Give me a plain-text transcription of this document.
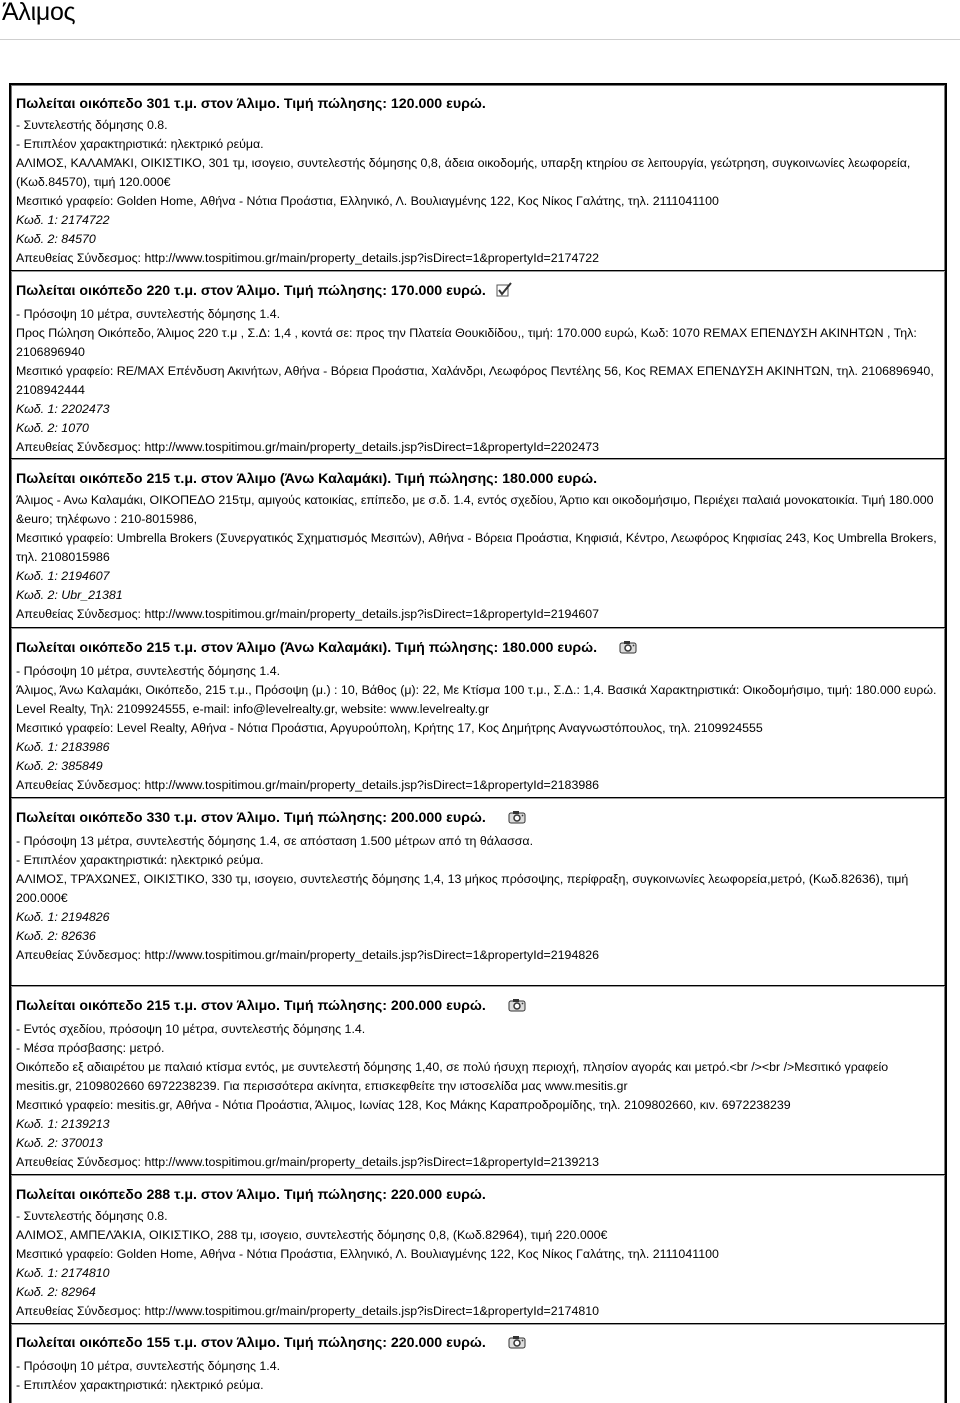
Άλιμος
Πωλείται οικόπεδο 301 τ.μ. στον Άλιμο. Τιμή πώλησης: 120.000 ευρώ.
- Συντελεστής δόμησης 0.8.
- Επιπλέον χαρακτηριστικά: ηλεκτρικό ρεύμα.
ΑΛΙΜΟΣ, ΚΑΛΑΜΆΚΙ, ΟΙΚΙΣΤΙΚΟ, 301 τμ, ισογειο, συντελεστής δόμησης 0,8, άδεια οικοδομής, υπαρξη κτηρίου σε λειτουργία, γεώτρηση, συγκοινωνίες λεωφορεία, (Κωδ.84570), τιμή 120.000€
Μεσιτικό γραφείο: Golden Home, Αθήνα - Νότια Προάστια, Ελληνικό, Λ. Βουλιαγμένης 122, Κος Νίκος Γαλάτης, τηλ. 2111041100
Κωδ. 1: 2174722
Κωδ. 2: 84570
Απευθείας Σύνδεσμος: http://www.tospitimou.gr/main/property_details.jsp?isDirect=1&propertyId=2174722
Πωλείται οικόπεδο 220 τ.μ. στον Άλιμο. Τιμή πώλησης: 170.000 ευρώ.
- Πρόσοψη 10 μέτρα, συντελεστής δόμησης 1.4.
Προς Πώληση Οικόπεδο, Άλιμος 220 τ.μ , Σ.Δ: 1,4 , κοντά σε: προς την Πλατεία Θουκιδίδου,, τιμή: 170.000 ευρώ, Κωδ: 1070 REMAX ΕΠΕΝΔΥΣΗ ΑΚΙΝΗΤΩΝ , Τηλ: 2106896940
Μεσιτικό γραφείο: RE/MAX Επένδυση Ακινήτων, Αθήνα - Βόρεια Προάστια, Χαλάνδρι, Λεωφόρος Πεντέλης 56, Κος REMAX ΕΠΕΝΔΥΣΗ ΑΚΙΝΗΤΩΝ, τηλ. 2106896940, 2108942444
Κωδ. 1: 2202473
Κωδ. 2: 1070
Απευθείας Σύνδεσμος: http://www.tospitimou.gr/main/property_details.jsp?isDirect=1&propertyId=2202473
Πωλείται οικόπεδο 215 τ.μ. στον Άλιμο (Άνω Καλαμάκι). Τιμή πώλησης: 180.000 ευρώ.
Άλιμος - Ανω Καλαμάκι, ΟΙΚΟΠΕΔΟ 215τμ, αμιγούς κατοικίας, επίπεδο, με σ.δ. 1.4, εντός σχεδίου, Άρτιο και οικοδομήσιμο, Περιέχει παλαιά μονοκατοικία. Τιμή 180.000 &euro; τηλέφωνο : 210-8015986,
Μεσιτικό γραφείο: Umbrella Brokers (Συνεργατικός Σχηματισμός Μεσιτών), Αθήνα - Βόρεια Προάστια, Κηφισιά, Κέντρο, Λεωφόρος Κηφισίας 243, Κος Umbrella Brokers, τηλ. 2108015986
Κωδ. 1: 2194607
Κωδ. 2: Ubr_21381
Απευθείας Σύνδεσμος: http://www.tospitimou.gr/main/property_details.jsp?isDirect=1&propertyId=2194607
Πωλείται οικόπεδο 215 τ.μ. στον Άλιμο (Άνω Καλαμάκι). Τιμή πώλησης: 180.000 ευρώ.
- Πρόσοψη 10 μέτρα, συντελεστής δόμησης 1.4.
Άλιμος, Άνω Καλαμάκι, Οικόπεδο, 215 τ.μ., Πρόσοψη (μ.) : 10, Βάθος (μ): 22, Με Κτίσμα 100 τ.μ., Σ.Δ.: 1,4. Βασικά Χαρακτηριστικά: Οικοδομήσιμο, τιμή: 180.000 ευρώ. Level Realty, Τηλ: 2109924555, e-mail: info@levelrealty.gr, website: www.levelrealty.gr
Μεσιτικό γραφείο: Level Realty, Αθήνα - Νότια Προάστια, Αργυρούπολη, Κρήτης 17, Κος Δημήτρης Αναγνωστόπουλος, τηλ. 2109924555
Κωδ. 1: 2183986
Κωδ. 2: 385849
Απευθείας Σύνδεσμος: http://www.tospitimou.gr/main/property_details.jsp?isDirect=1&propertyId=2183986
Πωλείται οικόπεδο 330 τ.μ. στον Άλιμο. Τιμή πώλησης: 200.000 ευρώ.
- Πρόσοψη 13 μέτρα, συντελεστής δόμησης 1.4, σε απόσταση 1.500 μέτρων από τη θάλασσα.
- Επιπλέον χαρακτηριστικά: ηλεκτρικό ρεύμα.
ΑΛΙΜΟΣ, ΤΡΆΧΩΝΕΣ, ΟΙΚΙΣΤΙΚΟ, 330 τμ, ισογειο, συντελεστής δόμησης 1,4, 13 μήκος πρόσοψης, περίφραξη, συγκοινωνίες λεωφορεία,μετρό, (Κωδ.82636), τιμή 200.000€
Κωδ. 1: 2194826
Κωδ. 2: 82636
Απευθείας Σύνδεσμος: http://www.tospitimou.gr/main/property_details.jsp?isDirect=1&propertyId=2194826
Πωλείται οικόπεδο 215 τ.μ. στον Άλιμο. Τιμή πώλησης: 200.000 ευρώ.
- Εντός σχεδίου, πρόσοψη 10 μέτρα, συντελεστής δόμησης 1.4.
- Μέσα πρόσβασης: μετρό.
Οικόπεδο εξ αδιαιρέτου με παλαιό κτίσμα εντός, με συντελεστή δόμησης 1,40, σε πολύ ήσυχη περιοχή, πλησίον αγοράς και μετρό.<br /><br />Μεσιτικό γραφείο mesitis.gr, 2109802660 6972238239. Για περισσότερα ακίνητα, επισκεφθείτε την ιστοσελίδα μας www.mesitis.gr
Μεσιτικό γραφείο: mesitis.gr, Αθήνα - Νότια Προάστια, Άλιμος, Ιωνίας 128, Κος Μάκης Καραπροδρομίδης, τηλ. 2109802660, κιν. 6972238239
Κωδ. 1: 2139213
Κωδ. 2: 370013
Απευθείας Σύνδεσμος: http://www.tospitimou.gr/main/property_details.jsp?isDirect=1&propertyId=2139213
Πωλείται οικόπεδο 288 τ.μ. στον Άλιμο. Τιμή πώλησης: 220.000 ευρώ.
- Συντελεστής δόμησης 0.8.
ΑΛΙΜΟΣ, ΑΜΠΕΛΆΚΙΑ, ΟΙΚΙΣΤΙΚΟ, 288 τμ, ισογειο, συντελεστής δόμησης 0,8, (Κωδ.82964), τιμή 220.000€
Μεσιτικό γραφείο: Golden Home, Αθήνα - Νότια Προάστια, Ελληνικό, Λ. Βουλιαγμένης 122, Κος Νίκος Γαλάτης, τηλ. 2111041100
Κωδ. 1: 2174810
Κωδ. 2: 82964
Απευθείας Σύνδεσμος: http://www.tospitimou.gr/main/property_details.jsp?isDirect=1&propertyId=2174810
Πωλείται οικόπεδο 155 τ.μ. στον Άλιμο. Τιμή πώλησης: 220.000 ευρώ.
- Πρόσοψη 10 μέτρα, συντελεστής δόμησης 1.4.
- Επιπλέον χαρακτηριστικά: ηλεκτρικό ρεύμα.
